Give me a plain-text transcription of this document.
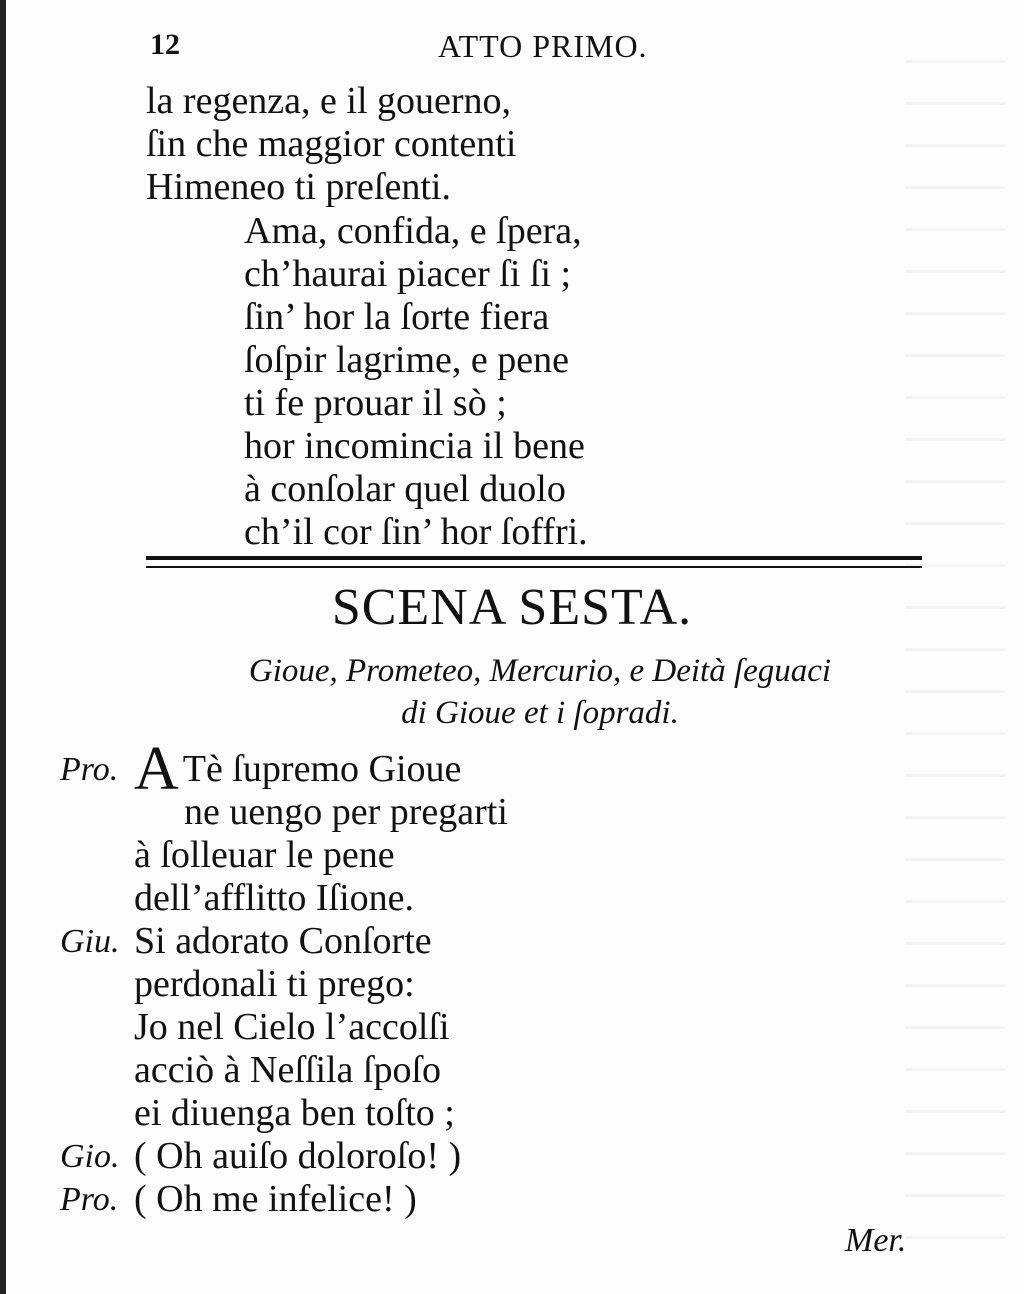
12	ATTO PRIMO.
la regenza, e il gouerno,
ſin che maggior contenti
Himeneo ti preſenti.
Ama, confida, e ſpera,
ch’haurai piacer ſi ſi ;
ſin’ hor la ſorte fiera
ſoſpir lagrime, e pene
ti fe prouar il sò ;
hor incomincia il bene
à conſolar quel duolo
ch’il cor ſin’ hor ſoffri.
SCENA SESTA.
Gioue, Prometeo, Mercurio, e Deità ſeguaci
di Gioue et i ſopradi.
Pro. A Tè ſupremo Gioue
ne uengo per pregarti
à ſolleuar le pene
dell’afflitto Iſione.
Giu. Si adorato Conſorte
perdonali ti prego:
Jo nel Cielo l’accolſi
acciò à Neſſila ſpoſo
ei diuenga ben toſto ;
Gio. ( Oh auiſo doloroſo! )
Pro. ( Oh me infelice! )
Mer.
